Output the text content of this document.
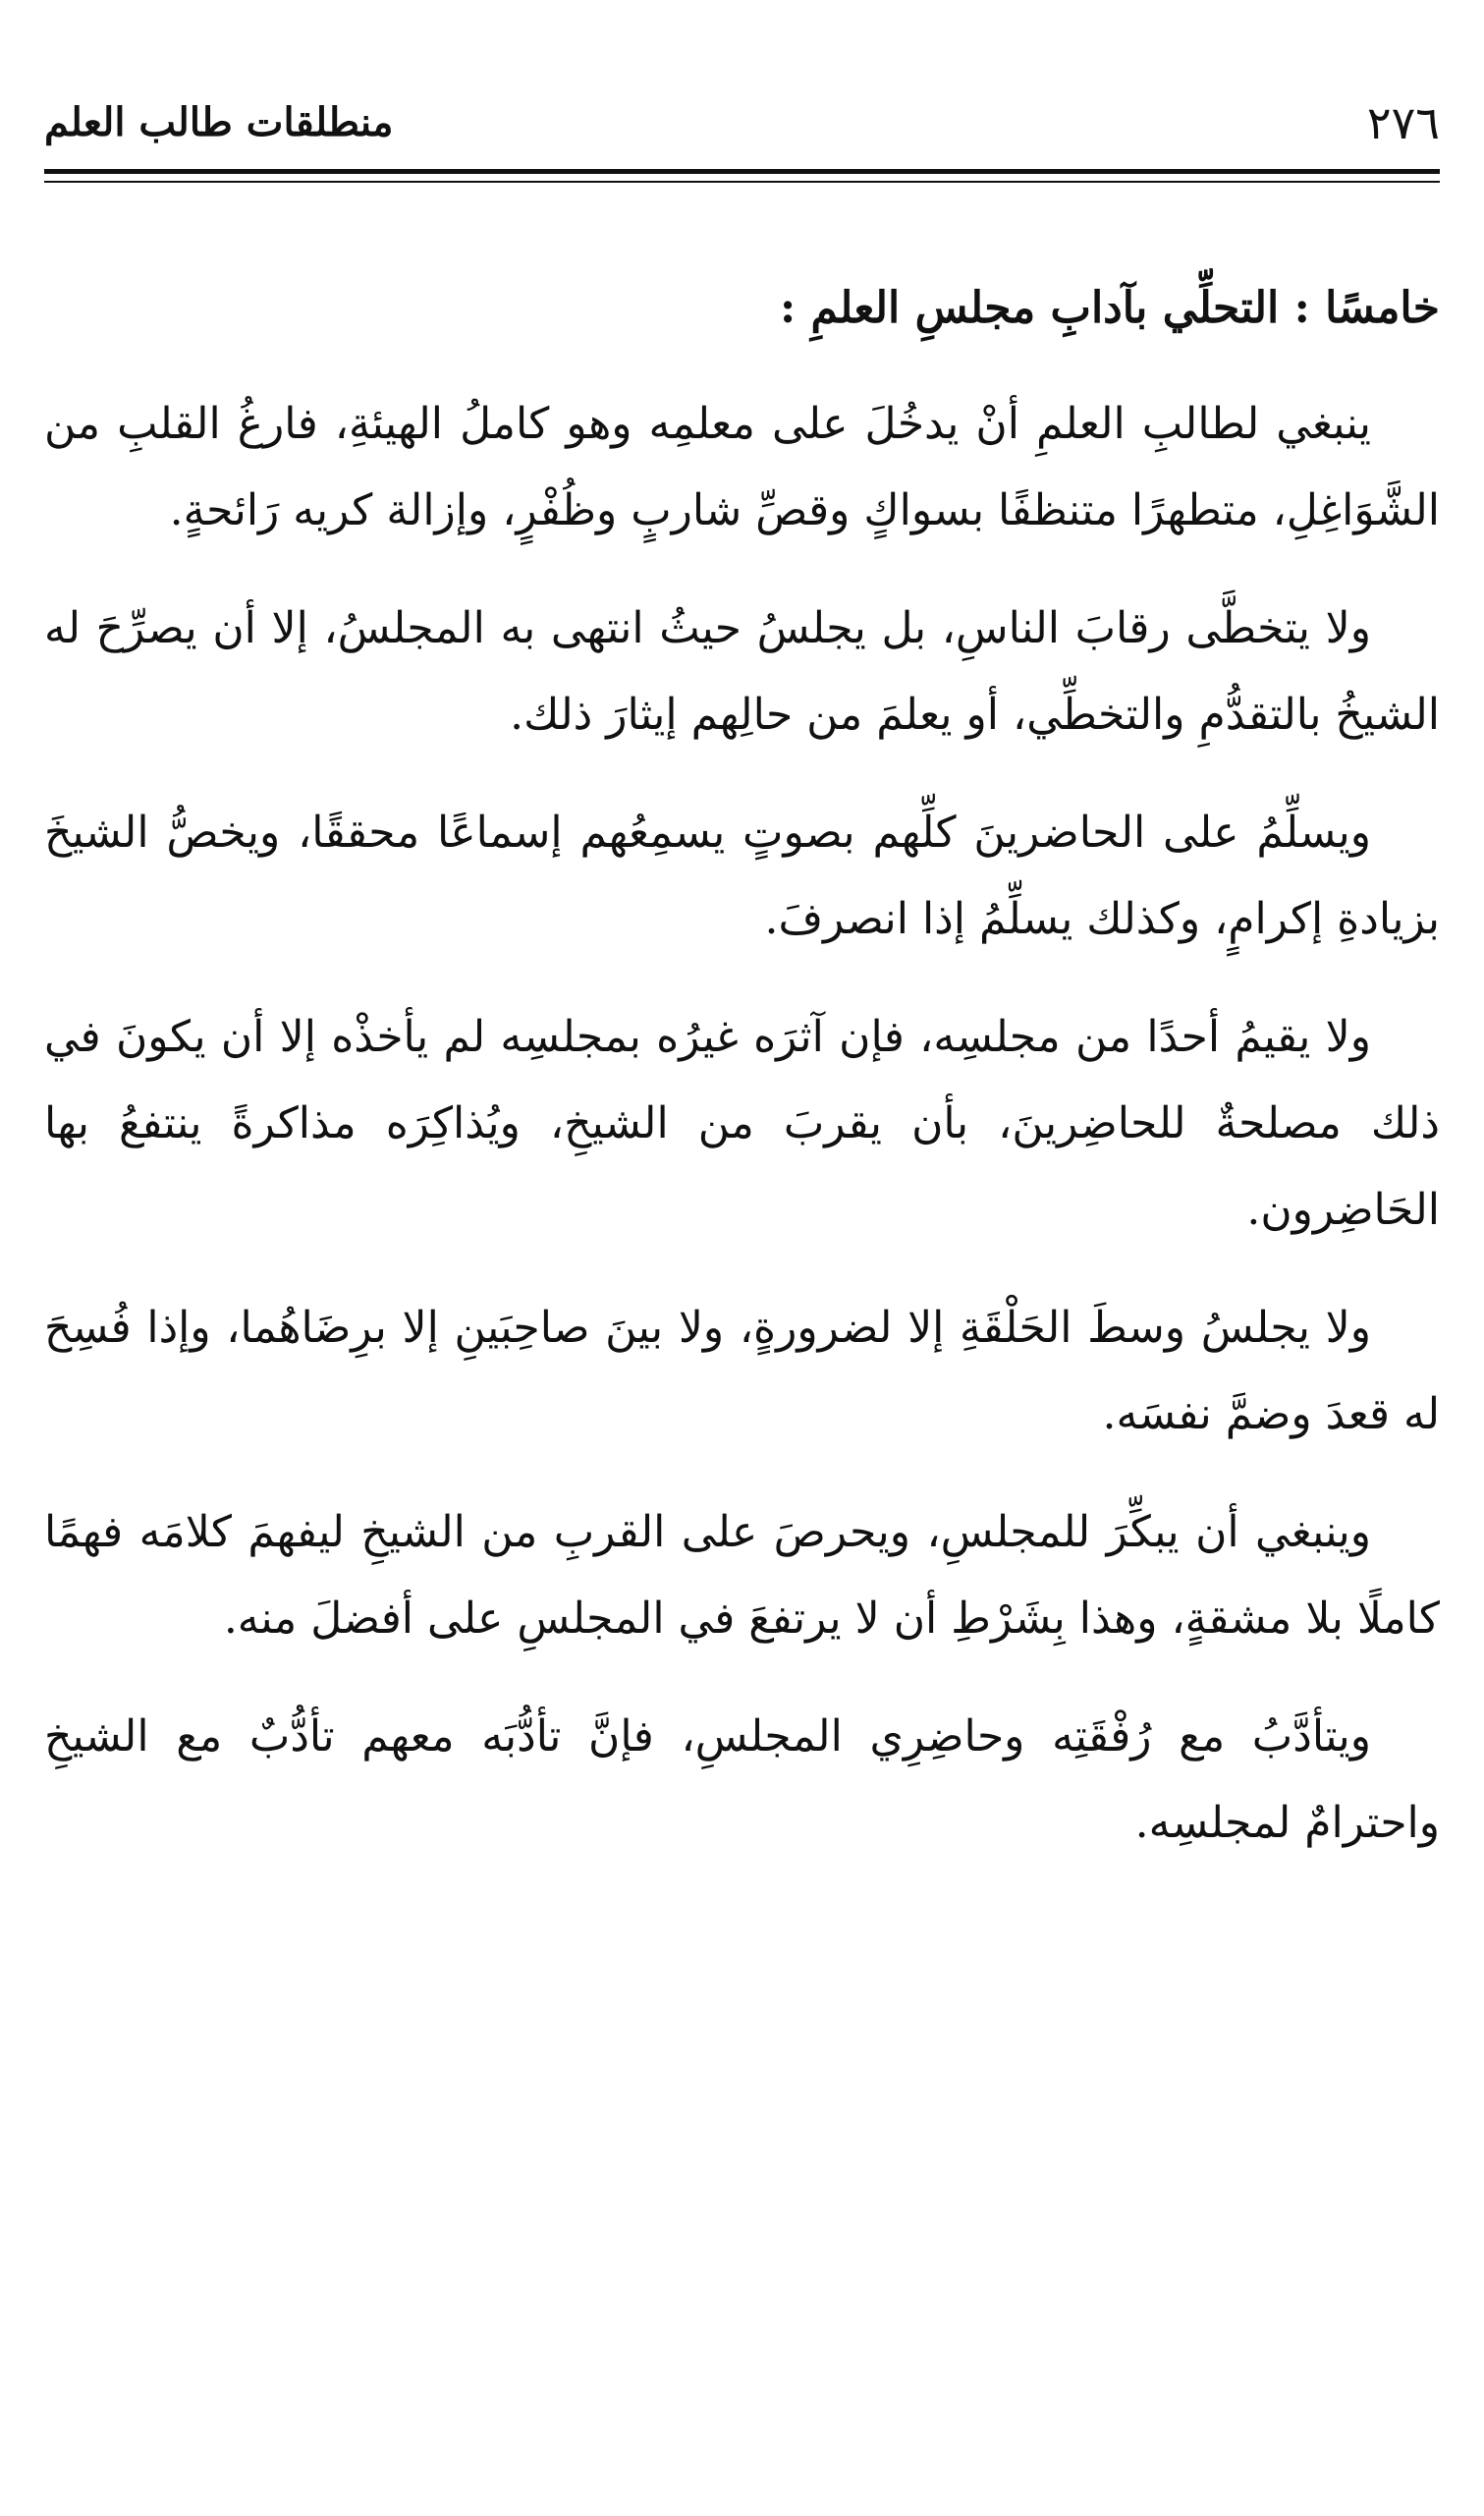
٢٧٦
منطلقات طالب العلم
خامسًا : التحلِّي بآدابِ مجلسِ العلمِ :

ينبغي لطالبِ العلمِ أنْ يدخُلَ على معلمِه وهو كاملُ الهيئةِ، فارغُ القلبِ من الشَّوَاغِلِ، متطهرًا متنظفًا بسواكٍ وقصِّ شاربٍ وظُفْرٍ، وإزالة كريه رَائحةٍ.

ولا يتخطَّى رقابَ الناسِ، بل يجلسُ حيثُ انتهى به المجلسُ، إلا أن يصرِّحَ له الشيخُ بالتقدُّمِ والتخطِّي، أو يعلمَ من حالِهم إيثارَ ذلك.

ويسلِّمُ على الحاضرينَ كلِّهم بصوتٍ يسمِعُهم إسماعًا محققًا، ويخصُّ الشيخَ بزيادةِ إكرامٍ، وكذلك يسلِّمُ إذا انصرفَ.

ولا يقيمُ أحدًا من مجلسِه، فإن آثرَه غيرُه بمجلسِه لم يأخذْه إلا أن يكونَ في ذلك مصلحةٌ للحاضِرينَ، بأن يقربَ من الشيخِ، ويُذاكِرَه مذاكرةً ينتفعُ بها الحَاضِرون.

ولا يجلسُ وسطَ الحَلْقَةِ إلا لضرورةٍ، ولا بينَ صاحِبَينِ إلا برِضَاهُما، وإذا فُسِحَ له قعدَ وضمَّ نفسَه.

وينبغي أن يبكِّرَ للمجلسِ، ويحرصَ على القربِ من الشيخِ ليفهمَ كلامَه فهمًا كاملًا بلا مشقةٍ، وهذا بِشَرْطِ أن لا يرتفعَ في المجلسِ على أفضلَ منه.

ويتأدَّبُ مع رُفْقَتِه وحاضِرِي المجلسِ، فإنَّ تأدُّبَه معهم تأدُّبٌ مع الشيخِ واحترامٌ لمجلسِه.
